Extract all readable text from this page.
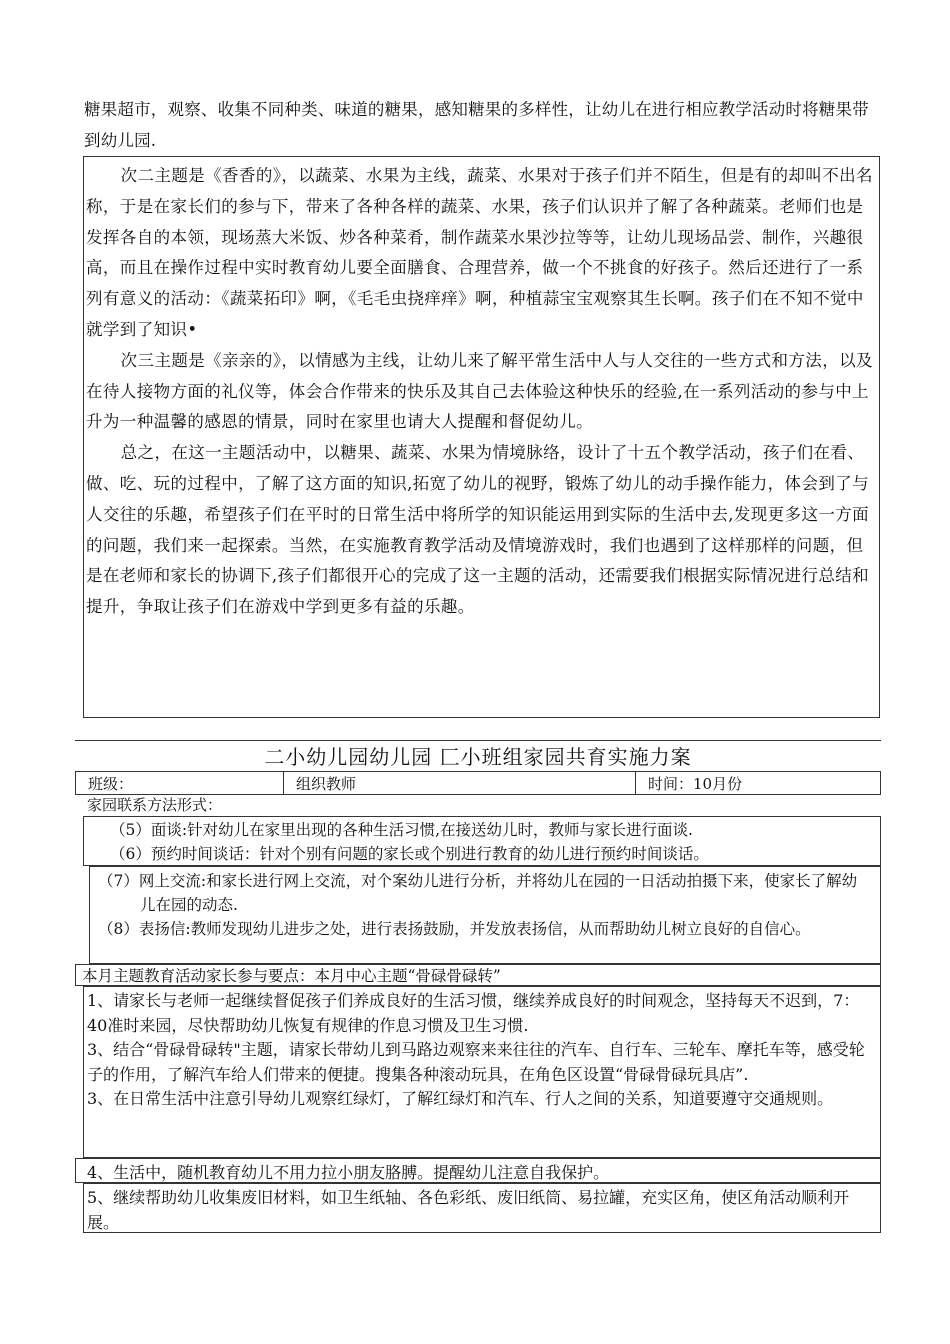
糖果超市，观察、收集不同种类、味道的糖果，感知糖果的多样性，让幼儿在进行相应教学活动时将糖果带到幼儿园.

次二主题是《香香的》，以蔬菜、水果为主线，蔬菜、水果对于孩子们并不陌生，但是有的却叫不出名称，于是在家长们的参与下，带来了各种各样的蔬菜、水果，孩子们认识并了解了各种蔬菜。老师们也是发挥各自的本领，现场蒸大米饭、炒各种菜肴，制作蔬菜水果沙拉等等，让幼儿现场品尝、制作，兴趣很高，而且在操作过程中实时教育幼儿要全面膳食、合理营养，做一个不挑食的好孩子。然后还进行了一系列有意义的活动：《蔬菜拓印》啊，《毛毛虫挠痒痒》啊，种植蒜宝宝观察其生长啊。孩子们在不知不觉中就学到了知识•

次三主题是《亲亲的》，以情感为主线，让幼儿来了解平常生活中人与人交往的一些方式和方法，以及在待人接物方面的礼仪等，体会合作带来的快乐及其自己去体验这种快乐的经验,在一系列活动的参与中上升为一种温馨的感恩的情景，同时在家里也请大人提醒和督促幼儿。

总之，在这一主题活动中，以糖果、蔬菜、水果为情境脉络，设计了十五个教学活动，孩子们在看、做、吃、玩的过程中，了解了这方面的知识,拓宽了幼儿的视野，锻炼了幼儿的动手操作能力，体会到了与人交往的乐趣，希望孩子们在平时的日常生活中将所学的知识能运用到实际的生活中去,发现更多这一方面的问题，我们来一起探索。当然，在实施教育教学活动及情境游戏时，我们也遇到了这样那样的问题，但是在老师和家长的协调下,孩子们都很开心的完成了这一主题的活动，还需要我们根据实际情况进行总结和提升，争取让孩子们在游戏中学到更多有益的乐趣。

二小幼儿园幼儿园 匚小班组家园共育实施力案
班级：	组织教师	时间：10月份
家园联系方法形式：

（5）面谈:针对幼儿在家里出现的各种生活习惯,在接送幼儿时，教师与家长进行面谈.

（6）预约时间谈话：针对个别有问题的家长或个别进行教育的幼儿进行预约时间谈话。

（7）网上交流:和家长进行网上交流，对个案幼儿进行分析，并将幼儿在园的一日活动拍摄下来，使家长了解幼儿在园的动态.

（8）表扬信:教师发现幼儿进步之处，进行表扬鼓励，并发放表扬信，从而帮助幼儿树立良好的自信心。

本月主题教育活动家长参与要点：本月中心主题“骨碌骨碌转”

1、请家长与老师一起继续督促孩子们养成良好的生活习惯，继续养成良好的时间观念，坚持每天不迟到，7：40准时来园，尽快帮助幼儿恢复有规律的作息习惯及卫生习惯.

3、结合“骨碌骨碌转"主题，请家长带幼儿到马路边观察来来往往的汽车、自行车、三轮车、摩托车等，感受轮子的作用，了解汽车给人们带来的便捷。搜集各种滚动玩具，在角色区设置“骨碌骨碌玩具店”.

3、在日常生活中注意引导幼儿观察红绿灯，了解红绿灯和汽车、行人之间的关系，知道要遵守交通规则。

4、生活中，随机教育幼儿不用力拉小朋友胳膊。提醒幼儿注意自我保护。

5、继续帮助幼儿收集废旧材料，如卫生纸轴、各色彩纸、废旧纸筒、易拉罐，充实区角，使区角活动顺利开展。
